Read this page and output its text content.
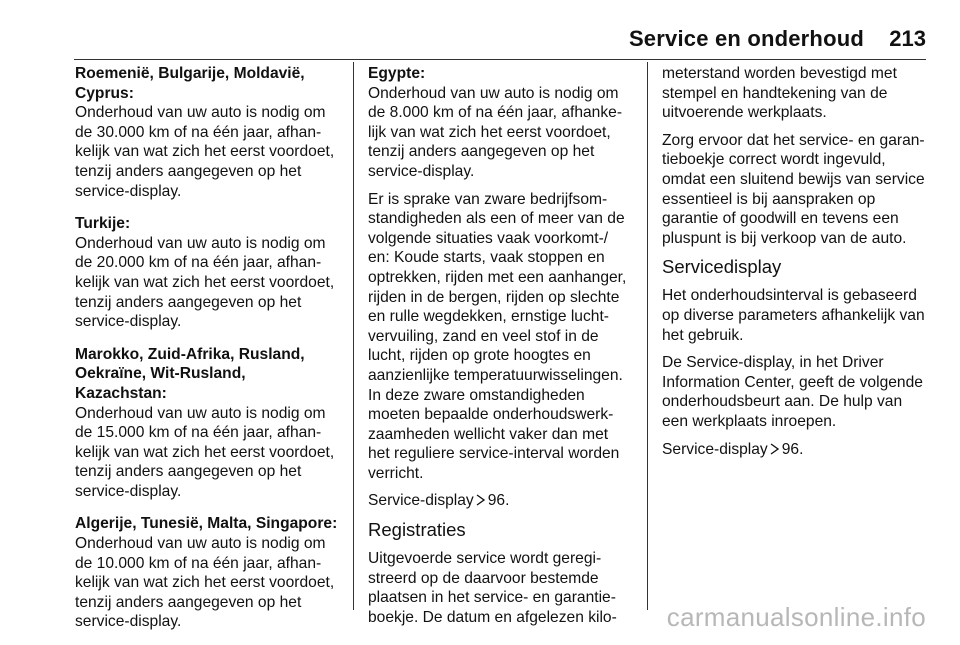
Service en onderhoud 213
Roemenië, Bulgarije, Moldavië, Cyprus:
Onderhoud van uw auto is nodig om
de 30.000 km of na één jaar, afhan-
kelijk van wat zich het eerst voordoet,
tenzij anders aangegeven op het
service-display.
Turkije:
Onderhoud van uw auto is nodig om
de 20.000 km of na één jaar, afhan-
kelijk van wat zich het eerst voordoet,
tenzij anders aangegeven op het
service-display.
Marokko, Zuid-Afrika, Rusland, Oekraïne, Wit-Rusland, Kazachstan:
Onderhoud van uw auto is nodig om
de 15.000 km of na één jaar, afhan-
kelijk van wat zich het eerst voordoet,
tenzij anders aangegeven op het
service-display.
Algerije, Tunesië, Malta, Singapore:
Onderhoud van uw auto is nodig om
de 10.000 km of na één jaar, afhan-
kelijk van wat zich het eerst voordoet,
tenzij anders aangegeven op het
service-display.
Egypte:
Onderhoud van uw auto is nodig om de 8.000 km of na één jaar, afhanke-lijk van wat zich het eerst voordoet, tenzij anders aangegeven op het service-display.

Er is sprake van zware bedrijfsom-standigheden als een of meer van de volgende situaties vaak voorkomt-/ en: Koude starts, vaak stoppen en optrekken, rijden met een aanhanger, rijden in de bergen, rijden op slechte en rulle wegdekken, ernstige lucht-vervuiling, zand en veel stof in de lucht, rijden op grote hoogtes en aanzienlijke temperatuurwisselingen. In deze zware omstandigheden moeten bepaalde onderhoudswerk-zaamheden wellicht vaker dan met het reguliere service-interval worden verricht.

Service-display 96.

Registraties

Uitgevoerde service wordt geregi-streerd op de daarvoor bestemde plaatsen in het service- en garantie-boekje. De datum en afgelezen kilo-

meterstand worden bevestigd met stempel en handtekening van de uitvoerende werkplaats.

Zorg ervoor dat het service- en garan-tieboekje correct wordt ingevuld, omdat een sluitend bewijs van service essentieel is bij aanspraken op garantie of goodwill en tevens een pluspunt is bij verkoop van de auto.

Servicedisplay

Het onderhoudsinterval is gebaseerd op diverse parameters afhankelijk van het gebruik.

De Service-display, in het Driver Information Center, geeft de volgende onderhoudsbeurt aan. De hulp van een werkplaats inroepen.

Service-display 96.

carmanualsonline.info
